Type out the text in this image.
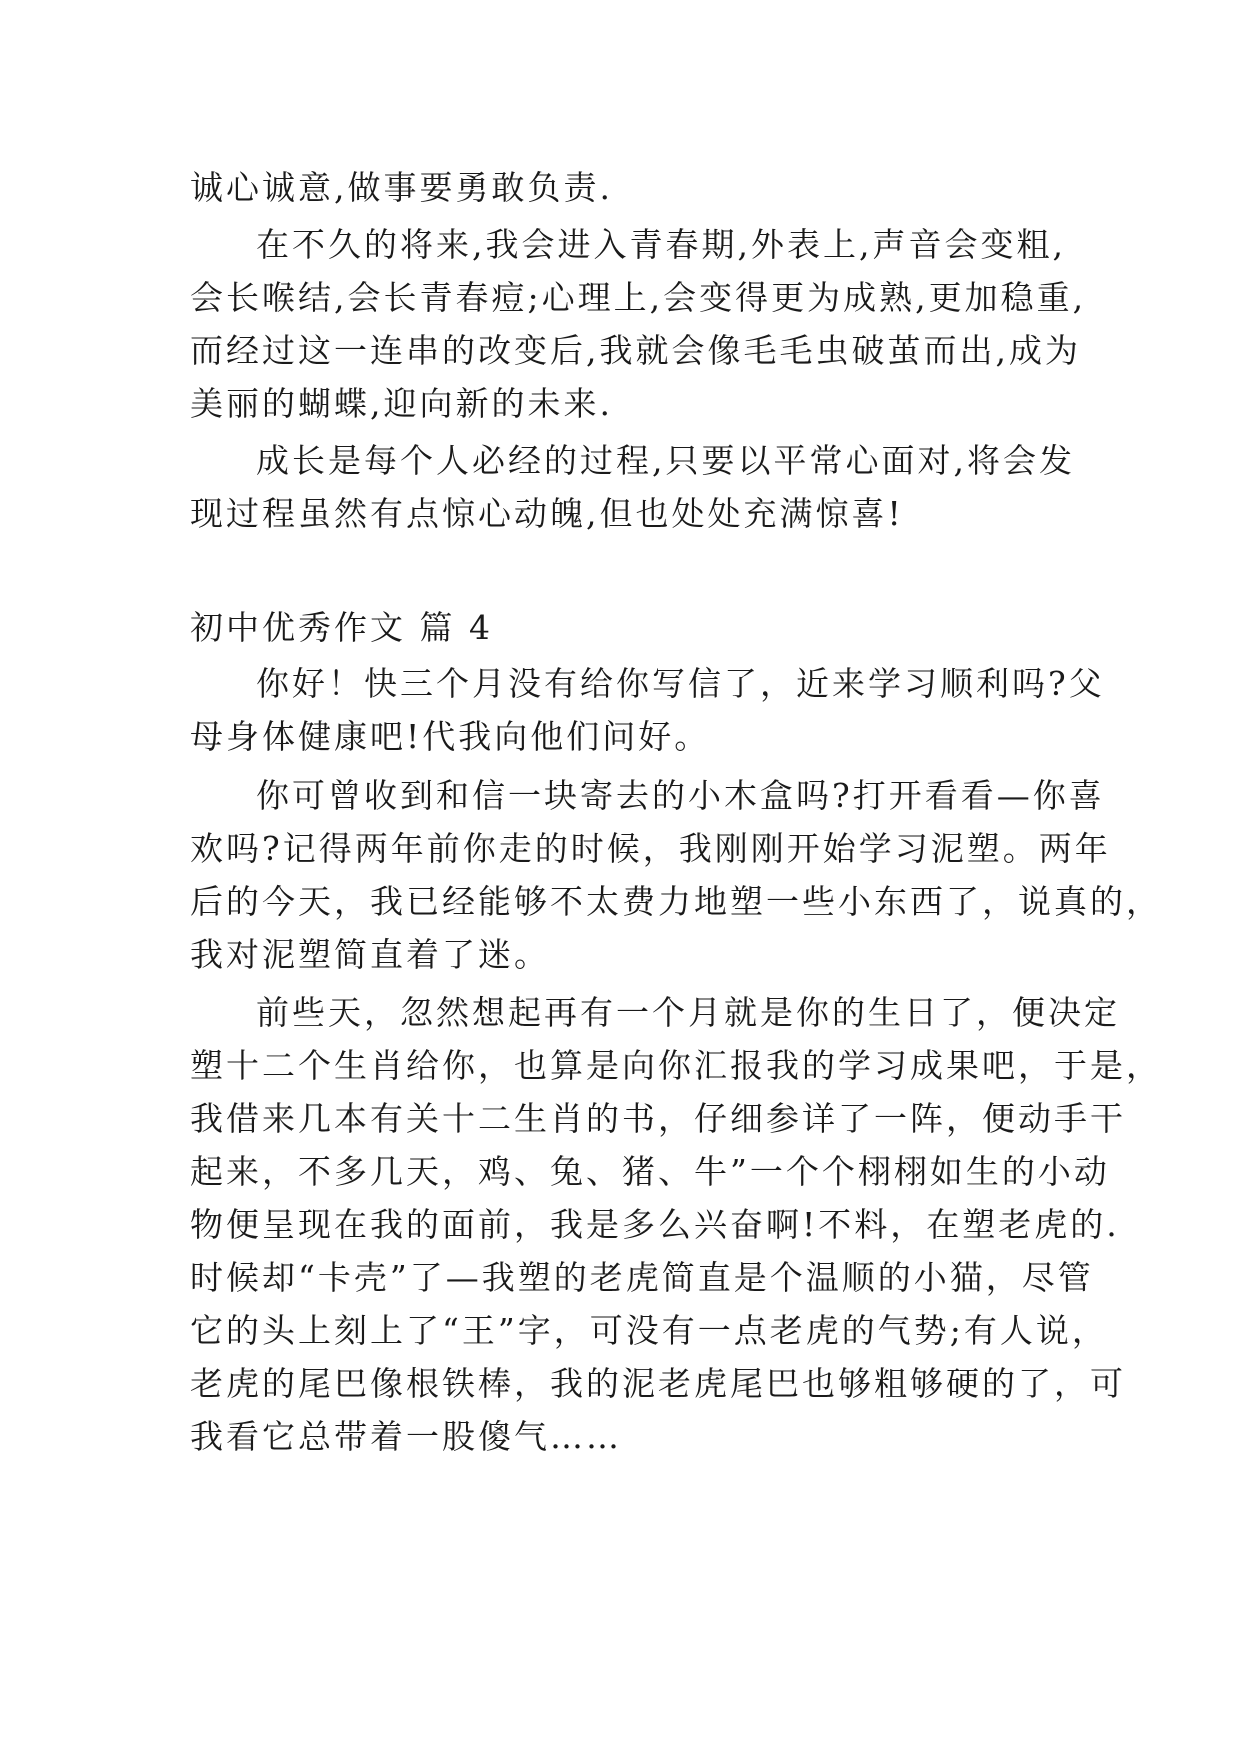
诚心诚意,做事要勇敢负责.
在不久的将来,我会进入青春期,外表上,声音会变粗,
会长喉结,会长青春痘;心理上,会变得更为成熟,更加稳重,
而经过这一连串的改变后,我就会像毛毛虫破茧而出,成为
美丽的蝴蝶,迎向新的未来.
成长是每个人必经的过程,只要以平常心面对,将会发
现过程虽然有点惊心动魄,但也处处充满惊喜!
初中优秀作文 篇 4
你好！快三个月没有给你写信了，近来学习顺利吗?父
母身体健康吧!代我向他们问好。
你可曾收到和信一块寄去的小木盒吗?打开看看—你喜
欢吗?记得两年前你走的时候，我刚刚开始学习泥塑。两年
后的今天，我已经能够不太费力地塑一些小东西了，说真的，
我对泥塑简直着了迷。
前些天，忽然想起再有一个月就是你的生日了，便决定
塑十二个生肖给你，也算是向你汇报我的学习成果吧，于是，
我借来几本有关十二生肖的书，仔细参详了一阵，便动手干
起来，不多几天，鸡、兔、猪、牛”一个个栩栩如生的小动
物便呈现在我的面前，我是多么兴奋啊!不料，在塑老虎的.
时候却“卡壳”了—我塑的老虎简直是个温顺的小猫，尽管
它的头上刻上了“王”字，可没有一点老虎的气势;有人说，
老虎的尾巴像根铁棒，我的泥老虎尾巴也够粗够硬的了，可
我看它总带着一股傻气……
